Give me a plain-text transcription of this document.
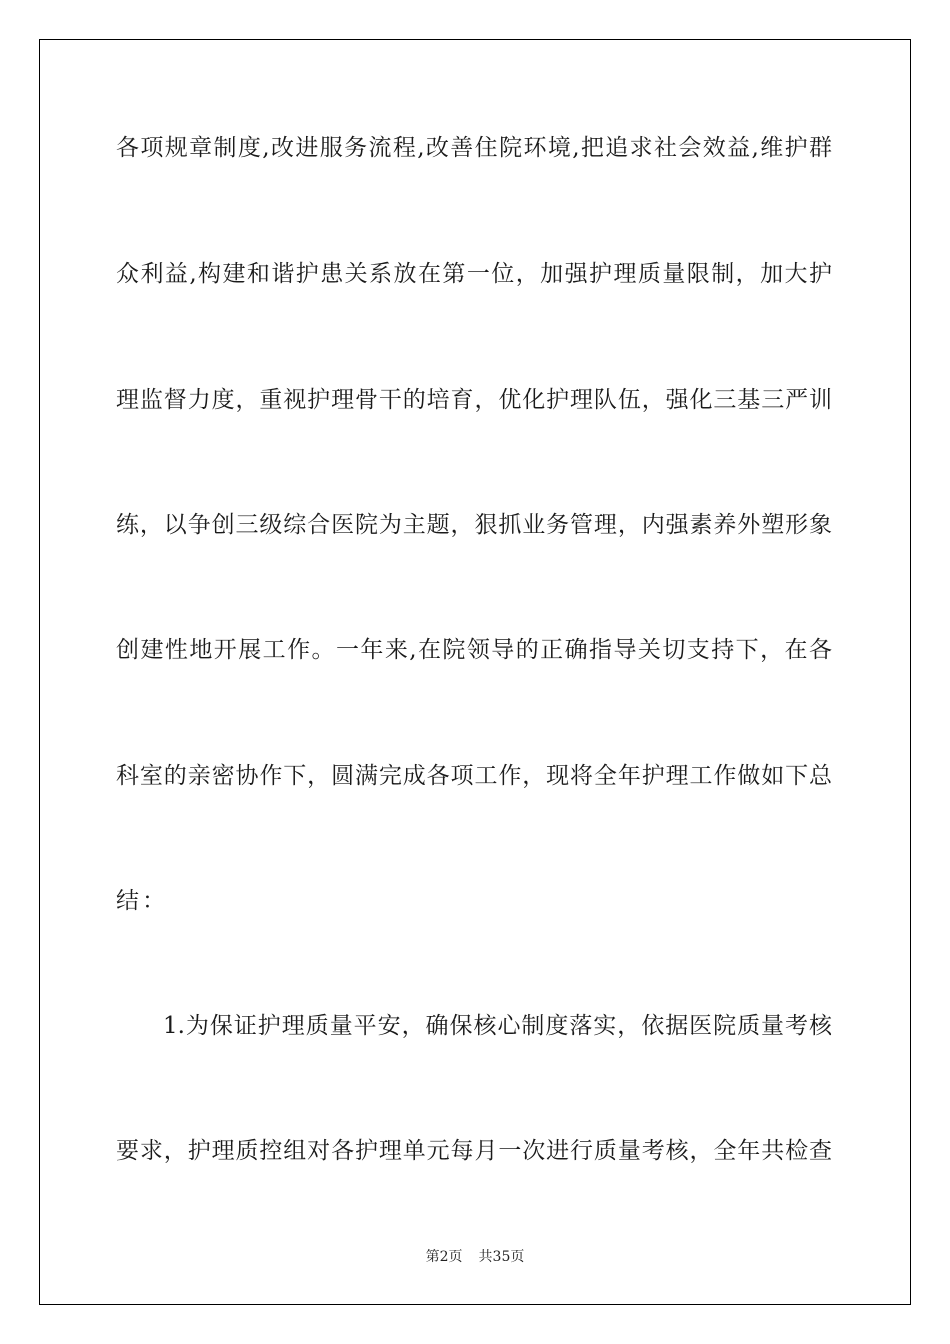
各项规章制度,改进服务流程,改善住院环境,把追求社会效益,维护群
众利益,构建和谐护患关系放在第一位，加强护理质量限制，加大护
理监督力度，重视护理骨干的培育，优化护理队伍，强化三基三严训
练，以争创三级综合医院为主题，狠抓业务管理，内强素养外塑形象
创建性地开展工作。一年来,在院领导的正确指导关切支持下，在各
科室的亲密协作下，圆满完成各项工作，现将全年护理工作做如下总
结：
1.为保证护理质量平安，确保核心制度落实，依据医院质量考核
要求，护理质控组对各护理单元每月一次进行质量考核，全年共检查
第2页 共35页
